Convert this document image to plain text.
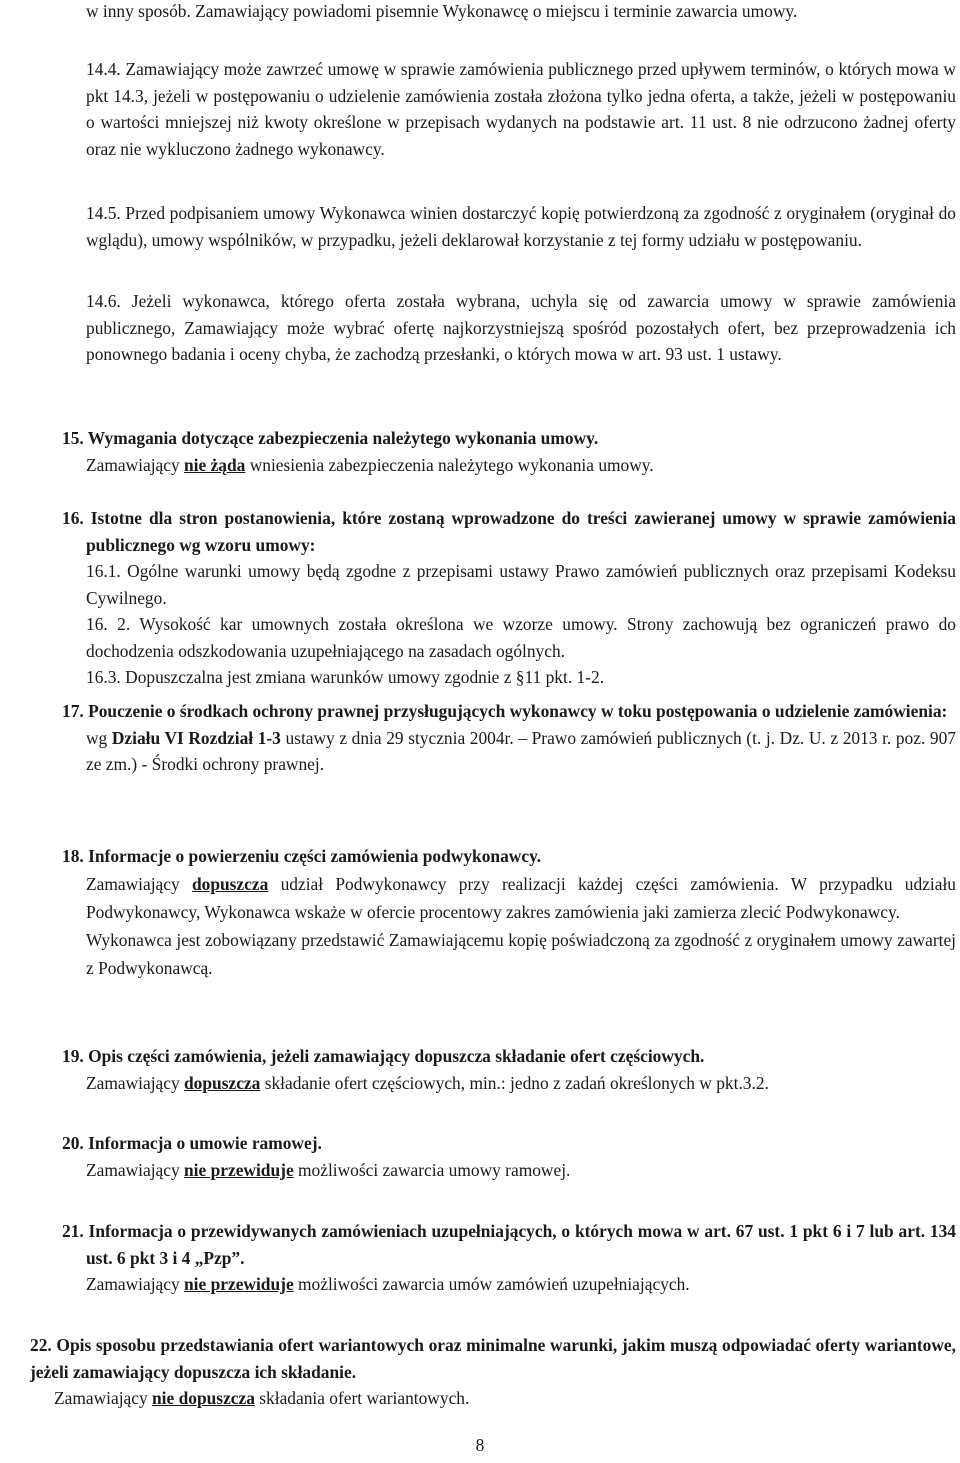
w inny sposób. Zamawiający powiadomi pisemnie Wykonawcę o miejscu i terminie zawarcia umowy.

14.4. Zamawiający może zawrzeć umowę w sprawie zamówienia publicznego przed upływem terminów, o których mowa w pkt 14.3, jeżeli w postępowaniu o udzielenie zamówienia została złożona tylko jedna oferta, a także, jeżeli w postępowaniu o wartości mniejszej niż kwoty określone w przepisach wydanych na podstawie art. 11 ust. 8 nie odrzucono żadnej oferty oraz nie wykluczono żadnego wykonawcy.

14.5. Przed podpisaniem umowy Wykonawca winien dostarczyć kopię potwierdzoną za zgodność z oryginałem (oryginał do wglądu), umowy wspólników, w przypadku, jeżeli deklarował korzystanie z tej formy udziału w postępowaniu.

14.6. Jeżeli wykonawca, którego oferta została wybrana, uchyla się od zawarcia umowy w sprawie zamówienia publicznego, Zamawiający może wybrać ofertę najkorzystniejszą spośród pozostałych ofert, bez przeprowadzenia ich ponownego badania i oceny chyba, że zachodzą przesłanki, o których mowa w art. 93 ust. 1 ustawy.

15. Wymagania dotyczące zabezpieczenia należytego wykonania umowy.

Zamawiający nie żąda wniesienia zabezpieczenia należytego wykonania umowy.

16. Istotne dla stron postanowienia, które zostaną wprowadzone do treści zawieranej umowy w sprawie zamówienia publicznego wg wzoru umowy:

16.1. Ogólne warunki umowy będą zgodne z przepisami ustawy Prawo zamówień publicznych oraz przepisami Kodeksu Cywilnego.

16. 2. Wysokość kar umownych została określona we wzorze umowy. Strony zachowują bez ograniczeń prawo do dochodzenia odszkodowania uzupełniającego na zasadach ogólnych.

16.3. Dopuszczalna jest zmiana warunków umowy zgodnie z §11 pkt. 1-2.

17. Pouczenie o środkach ochrony prawnej przysługujących wykonawcy w toku postępowania o udzielenie zamówienia:

wg Działu VI Rozdział 1-3 ustawy z dnia 29 stycznia 2004r. – Prawo zamówień publicznych (t. j. Dz. U. z 2013 r. poz. 907 ze zm.) - Środki ochrony prawnej.

18. Informacje o powierzeniu części zamówienia podwykonawcy.

Zamawiający dopuszcza udział Podwykonawcy przy realizacji każdej części zamówienia. W przypadku udziału Podwykonawcy, Wykonawca wskaże w ofercie procentowy zakres zamówienia jaki zamierza zlecić Podwykonawcy.

Wykonawca jest zobowiązany przedstawić Zamawiającemu kopię poświadczoną za zgodność z oryginałem umowy zawartej z Podwykonawcą.

19. Opis części zamówienia, jeżeli zamawiający dopuszcza składanie ofert częściowych.

Zamawiający dopuszcza składanie ofert częściowych, min.: jedno z zadań określonych w pkt.3.2.

20. Informacja o umowie ramowej.

Zamawiający nie przewiduje możliwości zawarcia umowy ramowej.

21. Informacja o przewidywanych zamówieniach uzupełniających, o których mowa w art. 67 ust. 1 pkt 6 i 7 lub art. 134 ust. 6 pkt 3 i 4 „Pzp”.

Zamawiający nie przewiduje możliwości zawarcia umów zamówień uzupełniających.

22. Opis sposobu przedstawiania ofert wariantowych oraz minimalne warunki, jakim muszą odpowiadać oferty wariantowe, jeżeli zamawiający dopuszcza ich składanie.

Zamawiający nie dopuszcza składania ofert wariantowych.

8
